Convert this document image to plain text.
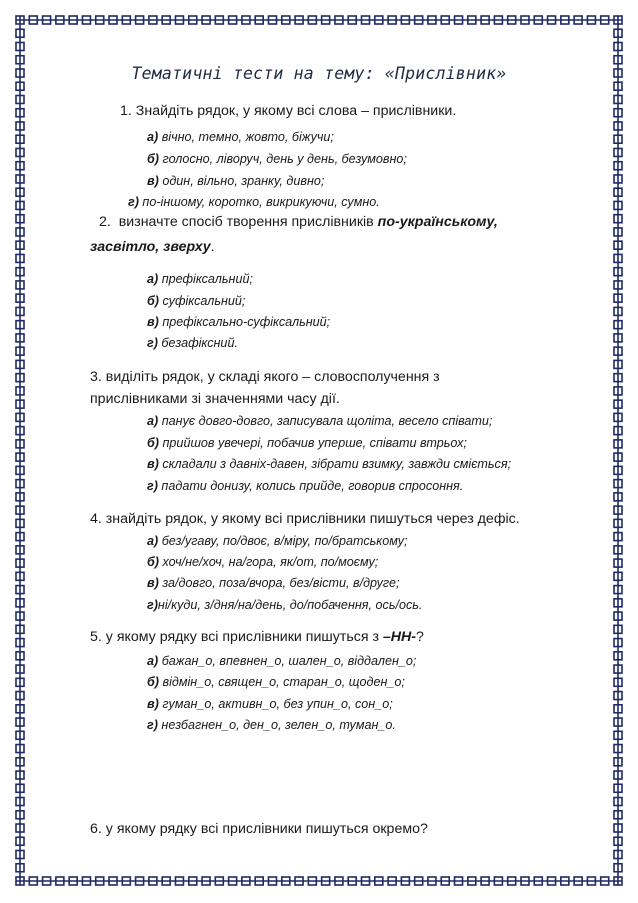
Тематичні тести на тему: «Прислівник»
1. Знайдіть рядок, у якому всі слова – прислівники.
а) вічно, темно, жовто, біжучи;
б) голосно, ліворуч, день у день, безумовно;
в) один, вільно, зранку, дивно;
г) по-іншому, коротко, викрикуючи, сумно.
2. визначте спосіб творення прислівників по-українському,
засвітло, зверху.
а) префіксальний;
б) суфіксальний;
в) префіксально-суфіксальний;
г) безафіксний.
3. виділіть рядок, у складі якого – словосполучення з
прислівниками зі значеннями часу дії.
а) панує довго-довго, записувала щоліта, весело співати;
б) прийшов увечері, побачив уперше, співати втрьох;
в) складали з давніх-давен, зібрати взимку, завжди сміється;
г) падати донизу, колись прийде, говорив спросоння.
4. знайдіть рядок, у якому всі прислівники пишуться через дефіс.
а) без/угаву, по/двоє, в/міру, по/братському;
б) хоч/не/хоч, на/гора, як/от, по/моєму;
в) за/довго, поза/вчора, без/вісти, в/друге;
г)ні/куди, з/дня/на/день, до/побачення, ось/ось.
5. у якому рядку всі прислівники пишуться з –НН-?
а) бажан_о, впевнен_о, шален_о, віддален_о;
б) відмін_о, священ_о, старан_о, щоден_о;
в) гуман_о, активн_о, без упин_о, сон_о;
г) незбагнен_о, ден_о, зелен_о, туман_о.
6. у якому рядку всі прислівники пишуться окремо?
